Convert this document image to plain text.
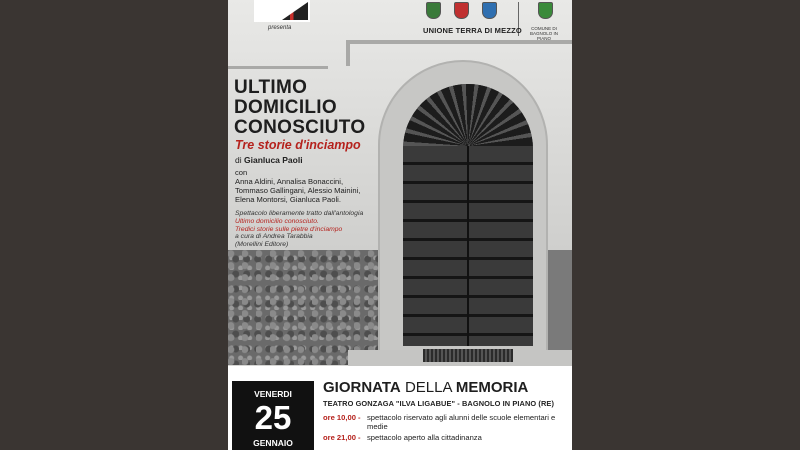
presenta	UNIONE TERRA DI MEZZO	COMUNE DI BAGNOLO IN PIANO
ULTIMO
DOMICILIO
CONOSCIUTO
Tre storie d'inciampo
di Gianluca Paoli
con
Anna Aldini, Annalisa Bonaccini,
Tommaso Gallingani, Alessio Mainini,
Elena Montorsi, Gianluca Paoli.
Spettacolo liberamente tratto dall'antologia
Ultimo domicilio conosciuto.
Tredici storie sulle pietre d'inciampo
a cura di Andrea Tarabbia
(Morellini Editore)
VENERDI
25
GENNAIO
GIORNATA DELLA MEMORIA
TEATRO GONZAGA "ILVA LIGABUE" - BAGNOLO IN PIANO (RE)
ore 10,00 - spettacolo riservato agli alunni delle scuole elementari e medie
ore 21,00 - spettacolo aperto alla cittadinanza
